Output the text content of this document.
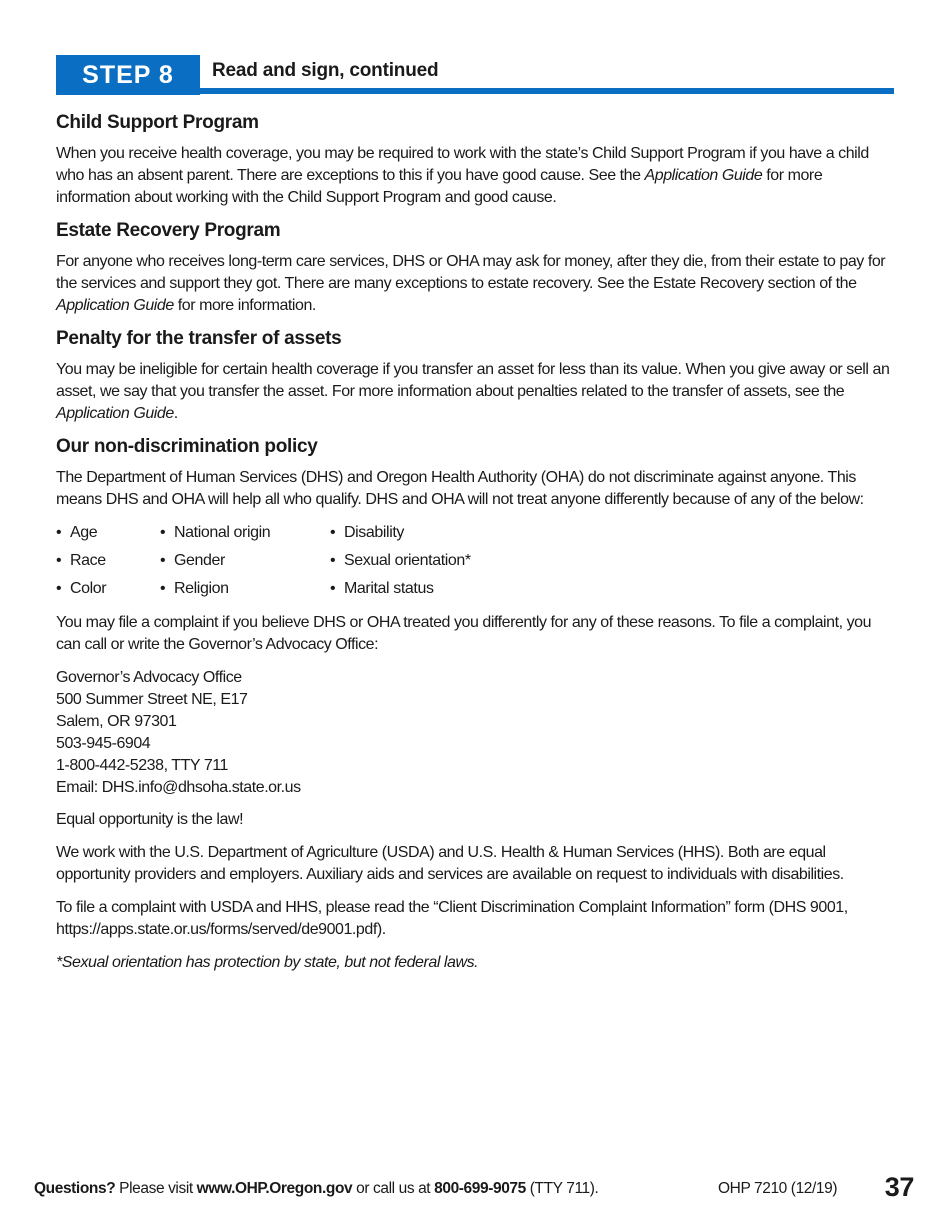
STEP 8	Read and sign, continued
Child Support Program

When you receive health coverage, you may be required to work with the state’s Child Support Program if you have a child who has an absent parent. There are exceptions to this if you have good cause. See the Application Guide for more information about working with the Child Support Program and good cause.

Estate Recovery Program

For anyone who receives long-term care services, DHS or OHA may ask for money, after they die, from their estate to pay for the services and support they got. There are many exceptions to estate recovery. See the Estate Recovery section of the Application Guide for more information.

Penalty for the transfer of assets

You may be ineligible for certain health coverage if you transfer an asset for less than its value. When you give away or sell an asset, we say that you transfer the asset. For more information about penalties related to the transfer of assets, see the Application Guide.

Our non-discrimination policy

The Department of Human Services (DHS) and Oregon Health Authority (OHA) do not discriminate against anyone. This means DHS and OHA will help all who qualify. DHS and OHA will not treat anyone differently because of any of the below:

• Age
• Race
• Color
• National origin
• Gender
• Religion
• Disability
• Sexual orientation*
• Marital status

You may file a complaint if you believe DHS or OHA treated you differently for any of these reasons. To file a complaint, you can call or write the Governor’s Advocacy Office:

Governor’s Advocacy Office
500 Summer Street NE, E17
Salem, OR 97301
503-945-6904
1-800-442-5238, TTY 711
Email: DHS.info@dhsoha.state.or.us

Equal opportunity is the law!

We work with the U.S. Department of Agriculture (USDA) and U.S. Health & Human Services (HHS). Both are equal opportunity providers and employers. Auxiliary aids and services are available on request to individuals with disabilities.

To file a complaint with USDA and HHS, please read the “Client Discrimination Complaint Information” form (DHS 9001, https://apps.state.or.us/forms/served/de9001.pdf).

*Sexual orientation has protection by state, but not federal laws.

Questions? Please visit www.OHP.Oregon.gov or call us at 800-699-9075 (TTY 711).	OHP 7210 (12/19) 37
